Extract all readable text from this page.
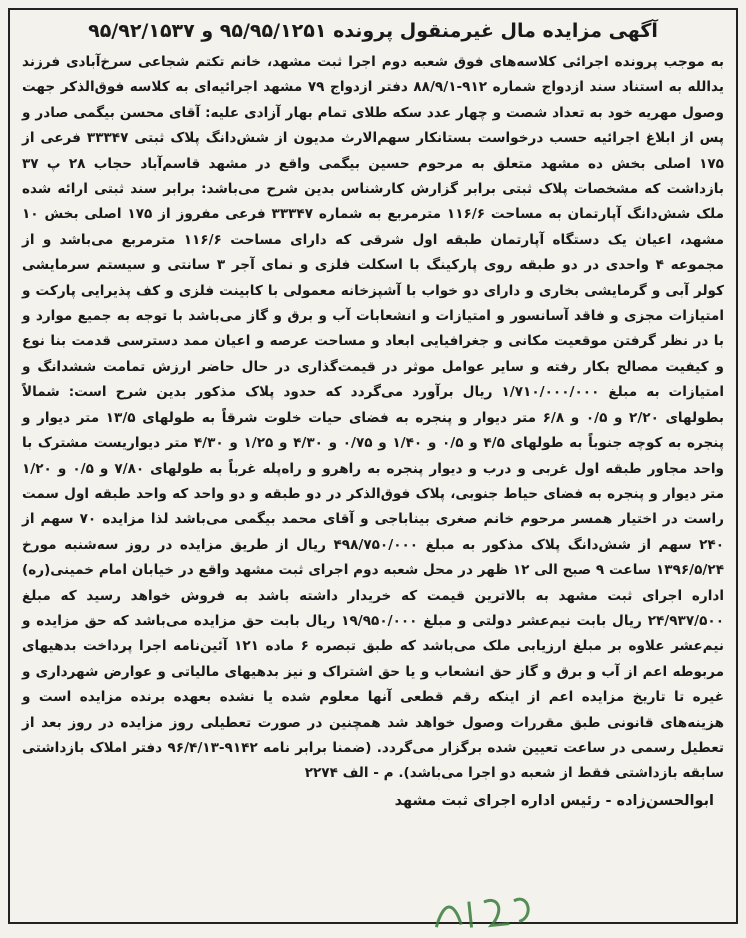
آگهی مزایده مال غیرمنقول پرونده ۹۵/۹۵/۱۲۵۱ و ۹۵/۹۲/۱۵۳۷

به موجب پرونده اجرائی کلاسه‌های فوق شعبه دوم اجرا ثبت مشهد، خانم تکتم شجاعی سرخ‌آبادی فرزند یدالله به استناد سند ازدواج شماره ۹۱۲-۸۸/۹/۱ دفتر ازدواج ۷۹ مشهد اجرائیه‌ای به کلاسه فوق‌الذکر جهت وصول مهریه خود به تعداد شصت و چهار عدد سکه طلای تمام بهار آزادی علیه: آقای محسن بیگمی صادر و پس از ابلاغ اجرائیه حسب درخواست بستانکار سهم‌الارث مدیون از شش‌دانگ پلاک ثبتی ۳۳۳۴۷ فرعی از ۱۷۵ اصلی بخش ده مشهد متعلق به مرحوم حسین بیگمی واقع در مشهد قاسم‌آباد حجاب ۲۸ پ ۳۷ بازداشت که مشخصات پلاک ثبتی برابر گزارش کارشناس بدین شرح می‌باشد: برابر سند ثبتی ارائه شده ملک شش‌دانگ آپارتمان به مساحت ۱۱۶/۶ مترمربع به شماره ۳۳۳۴۷ فرعی مفروز از ۱۷۵ اصلی بخش ۱۰ مشهد، اعیان یک دستگاه آپارتمان طبقه اول شرقی که دارای مساحت ۱۱۶/۶ مترمربع می‌باشد و از مجموعه ۴ واحدی در دو طبقه روی پارکینگ با اسکلت فلزی و نمای آجر ۳ سانتی و سیستم سرمایشی کولر آبی و گرمایشی بخاری و دارای دو خواب با آشپزخانه معمولی با کابینت فلزی و کف پذیرایی پارکت و امتیازات مجزی و فاقد آسانسور و امتیازات و انشعابات آب و برق و گاز می‌باشد با توجه به جمیع موارد و با در نظر گرفتن موقعیت مکانی و جغرافیایی ابعاد و مساحت عرصه و اعیان ممد دسترسی قدمت بنا نوع و کیفیت مصالح بکار رفته و سایر عوامل موثر در قیمت‌گذاری در حال حاضر ارزش تمامت ششدانگ و امتیازات به مبلغ ۱/۷۱۰/۰۰۰/۰۰۰ ریال برآورد می‌گردد که حدود پلاک مذکور بدین شرح است: شمالاً بطولهای ۲/۲۰ و ۰/۵ و ۶/۸ متر دیوار و پنجره به فضای حیات خلوت شرقاً به طولهای ۱۳/۵ متر دیوار و پنجره به کوچه جنوباً به طولهای ۴/۵ و ۰/۵ و ۱/۴۰ و ۰/۷۵ و ۴/۳۰ و ۱/۲۵ و ۴/۳۰ متر دیواریست مشترک با واحد مجاور طبقه اول غربی و درب و دیوار پنجره به راهرو و راه‌پله غرباً به طولهای ۷/۸۰ و ۰/۵ و ۱/۲۰ متر دیوار و پنجره به فضای حیاط جنوبی، پلاک فوق‌الذکر در دو طبقه و دو واحد که واحد طبقه اول سمت راست در اختیار همسر مرحوم خانم صغری بیناباجی و آقای محمد بیگمی می‌باشد لذا مزایده ۷۰ سهم از ۲۴۰ سهم از شش‌دانگ پلاک مذکور به مبلغ ۴۹۸/۷۵۰/۰۰۰ ریال از طریق مزایده در روز سه‌شنبه مورخ ۱۳۹۶/۵/۲۴ ساعت ۹ صبح الی ۱۲ ظهر در محل شعبه دوم اجرای ثبت مشهد واقع در خیابان امام خمینی(ره) اداره اجرای ثبت مشهد به بالاترین قیمت که خریدار داشته باشد به فروش خواهد رسید که مبلغ ۲۴/۹۳۷/۵۰۰ ریال بابت نیم‌عشر دولتی و مبلغ ۱۹/۹۵۰/۰۰۰ ریال بابت حق مزایده می‌باشد که حق مزایده و نیم‌عشر علاوه بر مبلغ ارزیابی ملک می‌باشد که طبق تبصره ۶ ماده ۱۲۱ آئین‌نامه اجرا پرداخت بدهیهای مربوطه اعم از آب و برق و گاز حق انشعاب و یا حق اشتراک و نیز بدهیهای مالیاتی و عوارض شهرداری و غیره تا تاریخ مزایده اعم از اینکه رقم قطعی آنها معلوم شده یا نشده بعهده برنده مزایده است و هزینه‌های قانونی طبق مقررات وصول خواهد شد همچنین در صورت تعطیلی روز مزایده در روز بعد از تعطیل رسمی در ساعت تعیین شده برگزار می‌گردد. (ضمنا برابر نامه ۹۱۴۲-۹۶/۴/۱۳ دفتر املاک بازداشتی سابقه بازداشتی فقط از شعبه دو اجرا می‌باشد). م - الف ۲۲۷۴

ابوالحسن‌زاده - رئیس اداره اجرای ثبت مشهد
